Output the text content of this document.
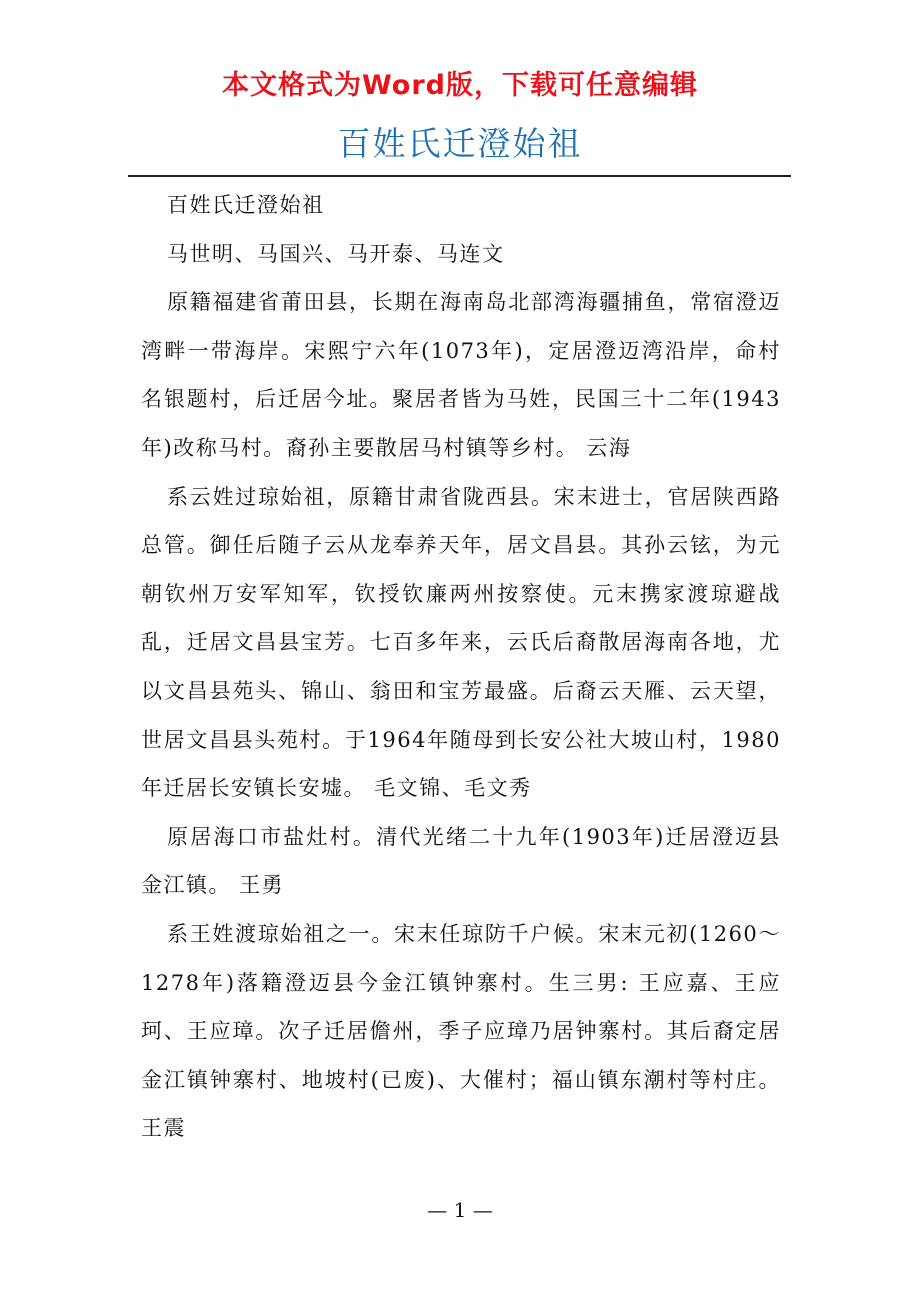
本文格式为Word版，下载可任意编辑
百姓氏迁澄始祖

百姓氏迁澄始祖

马世明、马国兴、马开泰、马连文

原籍福建省莆田县，长期在海南岛北部湾海疆捕鱼，常宿澄迈湾畔一带海岸。宋熙宁六年(1073年)，定居澄迈湾沿岸，命村名银题村，后迁居今址。聚居者皆为马姓，民国三十二年(1943年)改称马村。裔孙主要散居马村镇等乡村。 云海

系云姓过琼始祖，原籍甘肃省陇西县。宋末进士，官居陕西路总管。御任后随子云从龙奉养天年，居文昌县。其孙云铉，为元朝钦州万安军知军，钦授钦廉两州按察使。元末携家渡琼避战乱，迁居文昌县宝芳。七百多年来，云氏后裔散居海南各地，尤以文昌县苑头、锦山、翁田和宝芳最盛。后裔云天雁、云天望，世居文昌县头苑村。于1964年随母到长安公社大坡山村，1980年迁居长安镇长安墟。 毛文锦、毛文秀

原居海口市盐灶村。清代光绪二十九年(1903年)迁居澄迈县金江镇。 王勇

系王姓渡琼始祖之一。宋末任琼防千户候。宋末元初(1260～1278年)落籍澄迈县今金江镇钟寨村。生三男: 王应嘉、王应珂、王应璋。次子迁居儋州，季子应璋乃居钟寨村。其后裔定居金江镇钟寨村、地坡村(已废)、大催村；福山镇东潮村等村庄。 王震

— 1 —
